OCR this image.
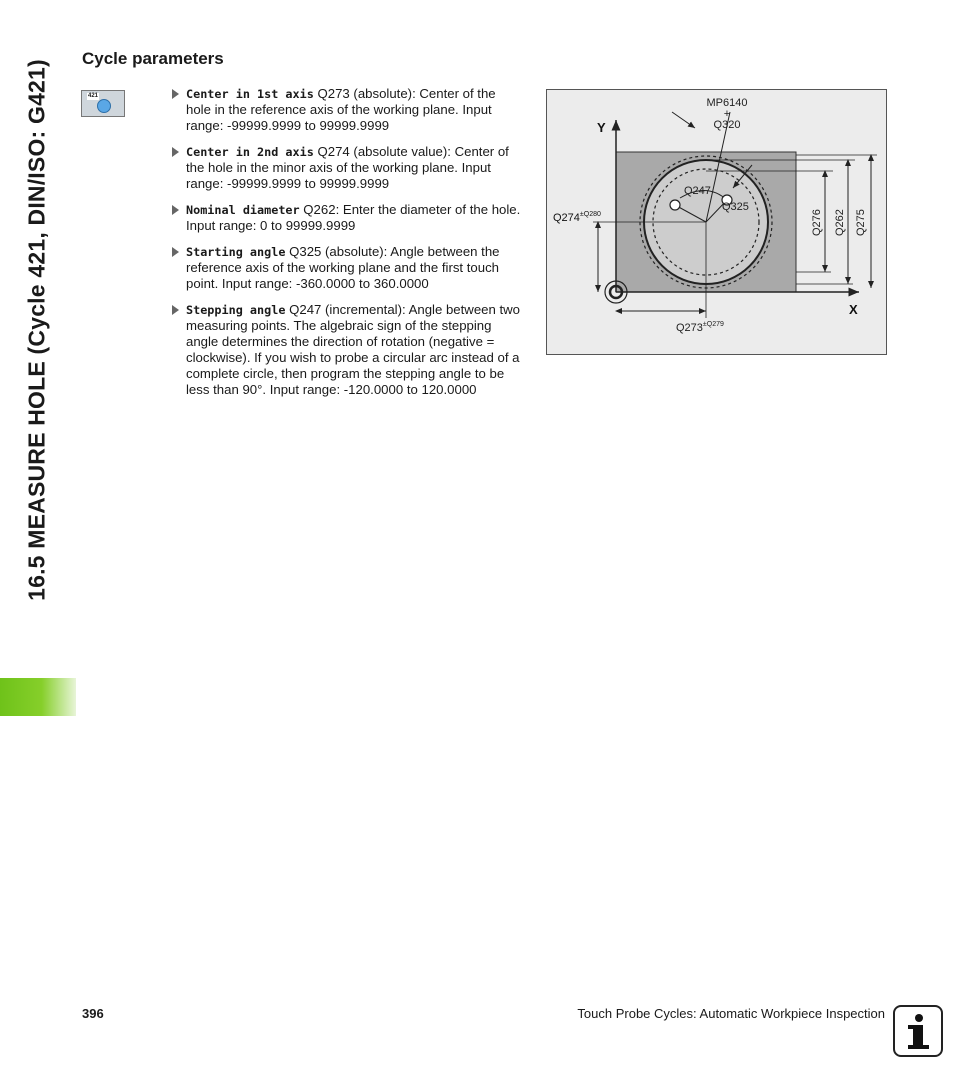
16.5 MEASURE HOLE (Cycle 421, DIN/ISO: G421)
Cycle parameters
421	Center in 1st axis Q273 (absolute): Center of the hole in the reference axis of the working plane. Input range: -99999.9999 to 99999.9999
Center in 2nd axis Q274 (absolute value): Center of the hole in the minor axis of the working plane. Input range: -99999.9999 to 99999.9999
Nominal diameter Q262: Enter the diameter of the hole. Input range: 0 to 99999.9999
Starting angle Q325 (absolute): Angle between the reference axis of the working plane and the first touch point. Input range: -360.0000 to 360.0000
Stepping angle Q247 (incremental): Angle between two measuring points. The algebraic sign of the stepping angle determines the direction of rotation (negative = clockwise). If you wish to probe a circular arc instead of a complete circle, then program the stepping angle to be less than 90°. Input range: -120.0000 to 120.0000
MP6140
+
Q320
Y
X
Q247
Q325
$Q274^{\pm Q280}$
$Q273^{\pm Q279}$
Q276 Q262 Q275
396	Touch Probe Cycles: Automatic Workpiece Inspection
